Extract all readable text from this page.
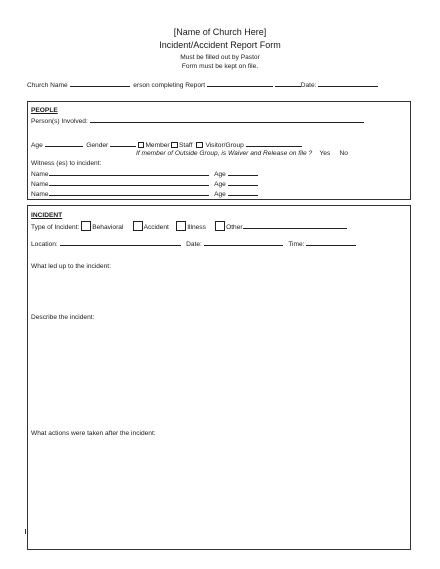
[Name of Church Here]
Incident/Accident Report Form
Must be filled out by Pastor
Form must be kept on file.
Church Name	erson completing Report	Date:
PEOPLE
Person(s) Involved:
Age	Gender	Member Staff Visitor/Group
If member of Outside Group, is Waiver and Release on file ? Yes No
Witness (es) to incident:
Name	Age
Name	Age
Name	Age
INCIDENT
Type of Incident: Behavioral	Accident	Illness	Other
Location:	Date:	Time:
What led up to the incident:
Describe the incident:
What actions were taken after the incident:
